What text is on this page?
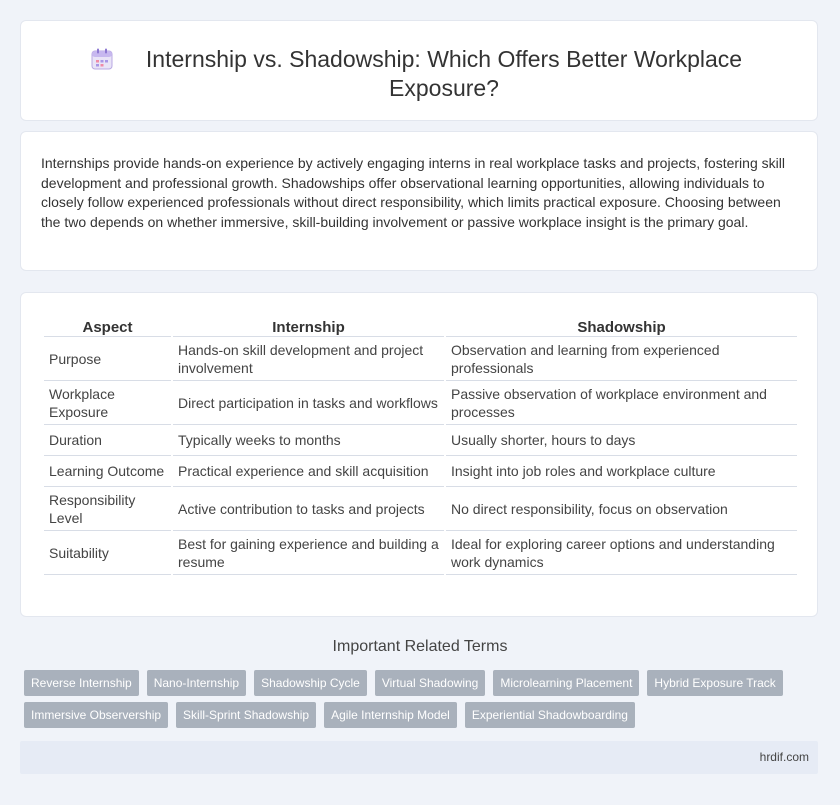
Internship vs. Shadowship: Which Offers Better Workplace Exposure?

Internships provide hands-on experience by actively engaging interns in real workplace tasks and projects, fostering skill development and professional growth. Shadowships offer observational learning opportunities, allowing individuals to closely follow experienced professionals without direct responsibility, which limits practical exposure. Choosing between the two depends on whether immersive, skill-building involvement or passive workplace insight is the primary goal.

Aspect	Internship	Shadowship
Purpose	Hands-on skill development and project involvement	Observation and learning from experienced professionals
Workplace Exposure	Direct participation in tasks and workflows	Passive observation of workplace environment and processes
Duration	Typically weeks to months	Usually shorter, hours to days
Learning Outcome	Practical experience and skill acquisition	Insight into job roles and workplace culture
Responsibility Level	Active contribution to tasks and projects	No direct responsibility, focus on observation
Suitability	Best for gaining experience and building a resume	Ideal for exploring career options and understanding work dynamics
Important Related Terms
Reverse Internship	Nano-Internship	Shadowship Cycle	Virtual Shadowing	Microlearning Placement	Hybrid Exposure Track
Immersive Observership	Skill-Sprint Shadowship	Agile Internship Model	Experiential Shadowboarding
hrdif.com
